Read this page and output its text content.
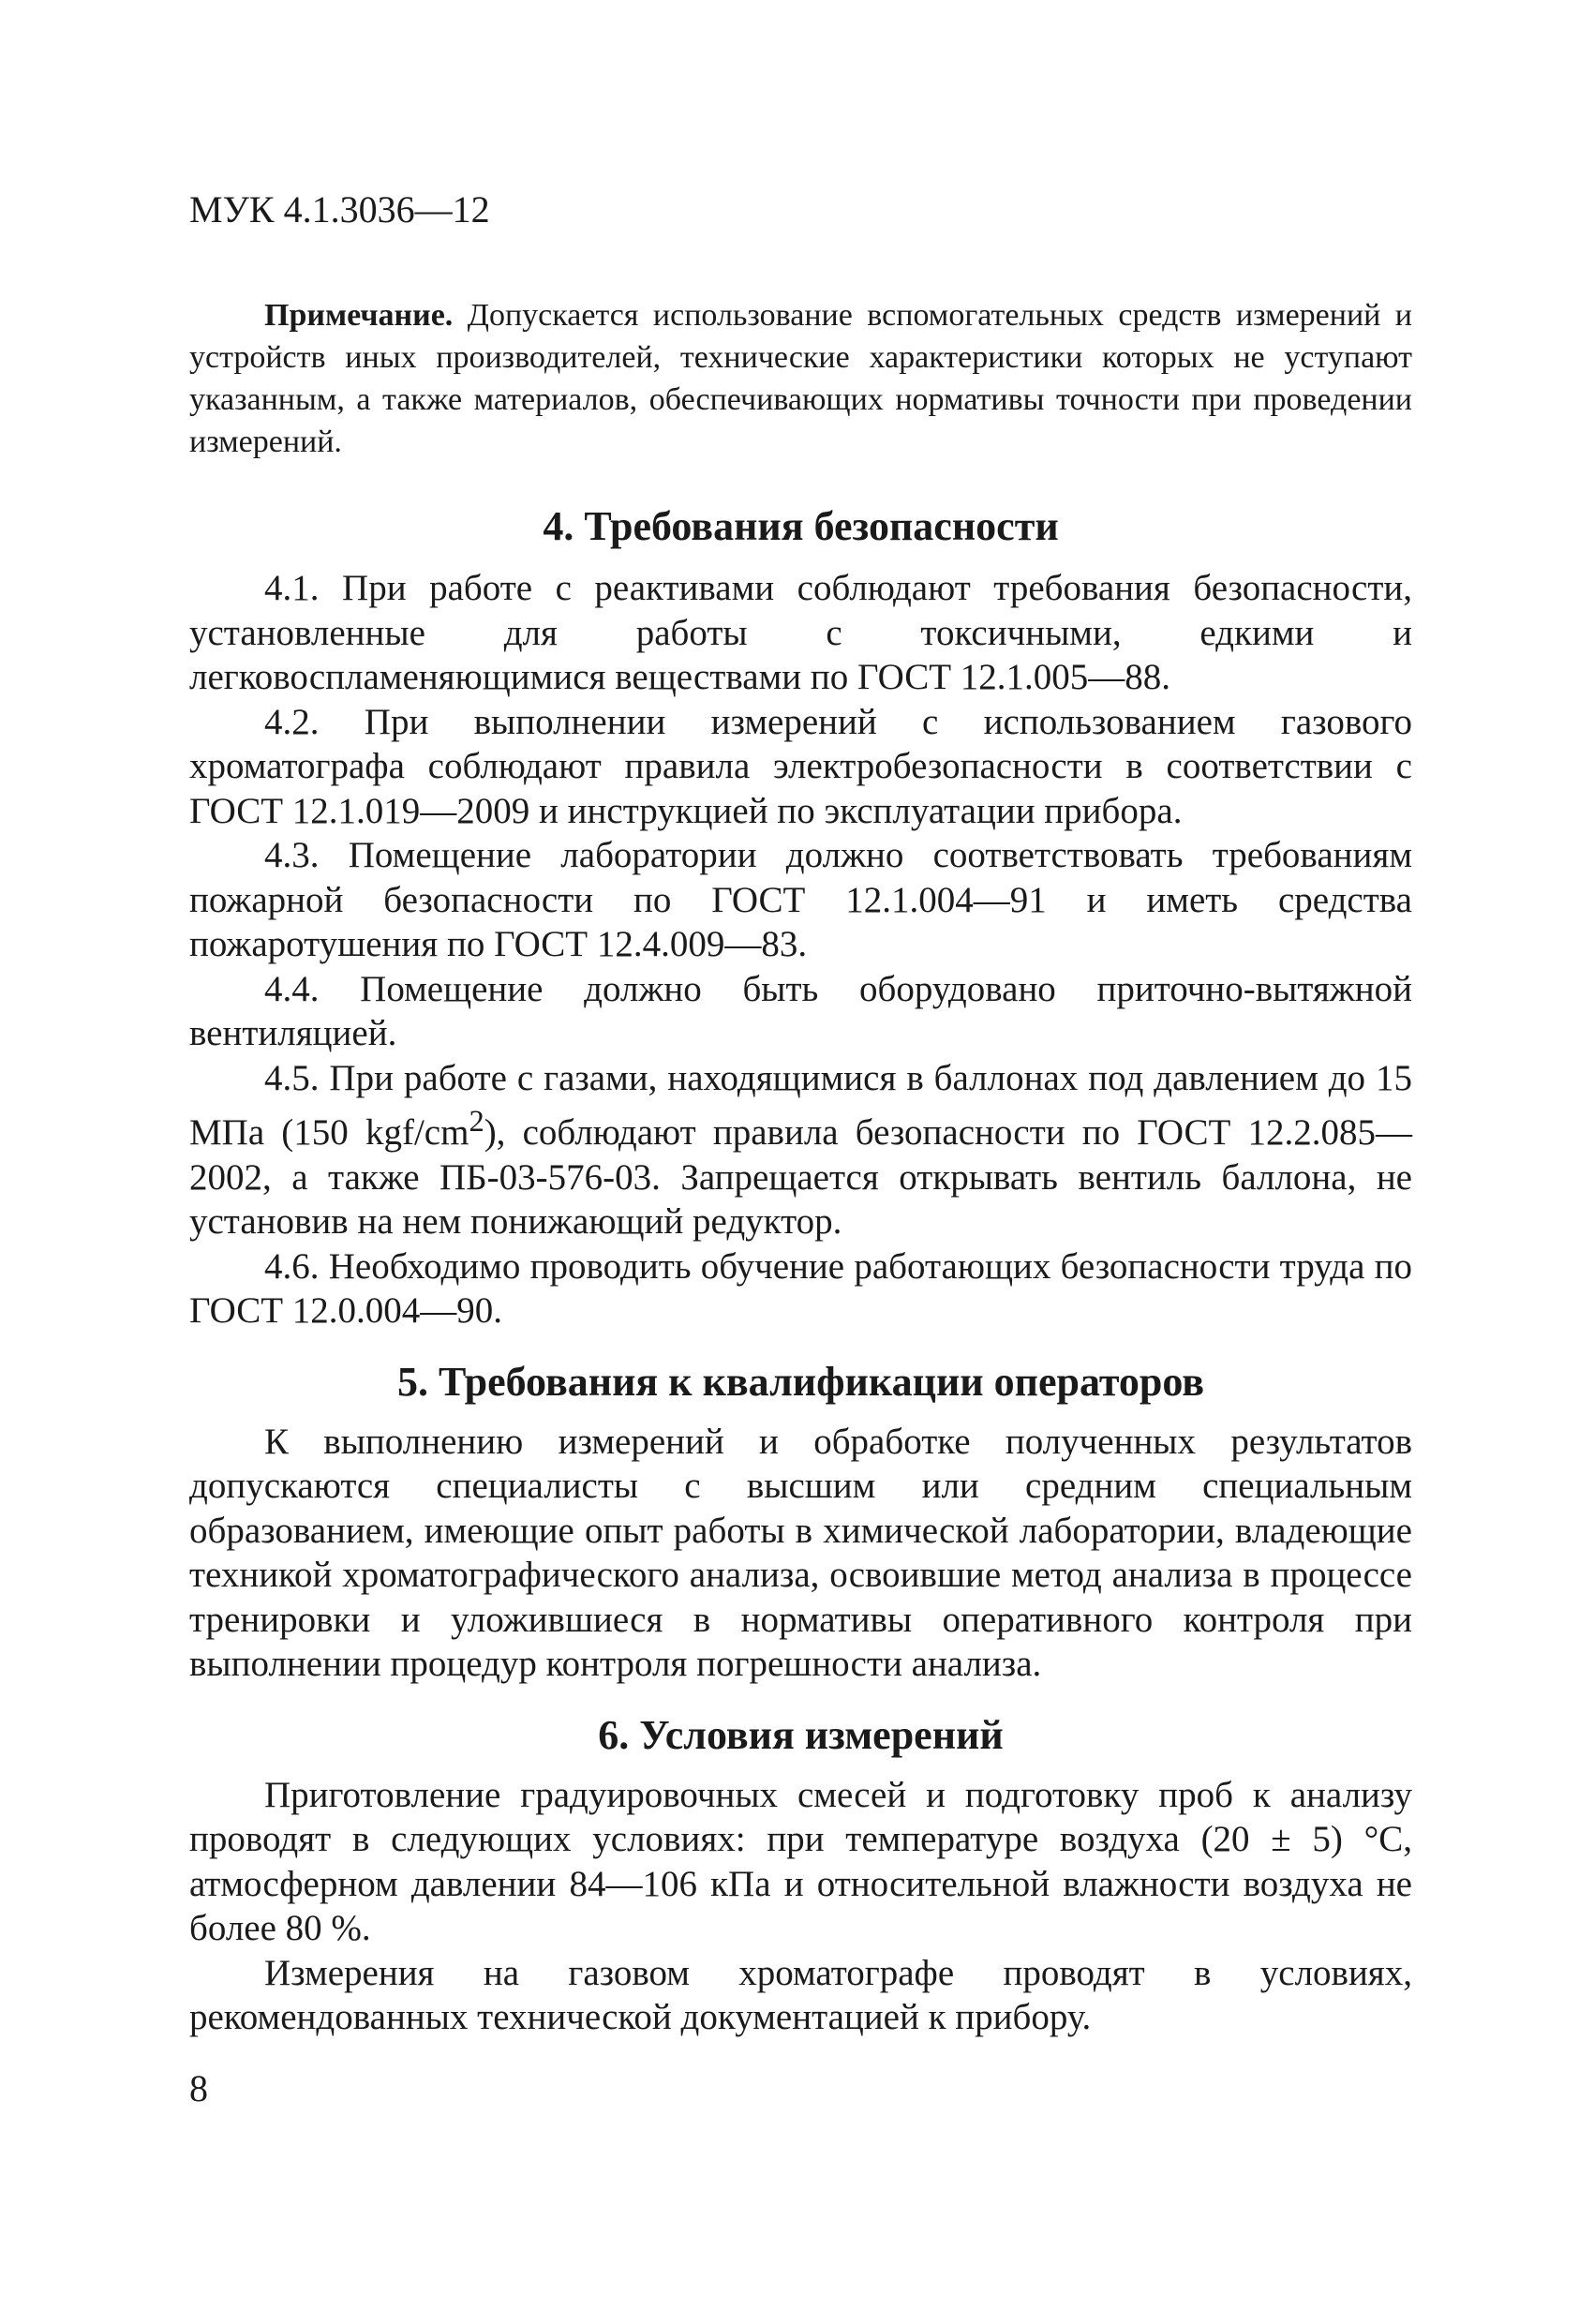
МУК 4.1.3036—12

Примечание. Допускается использование вспомогательных средств измерений и устройств иных производителей, технические характеристики которых не уступают указанным, а также материалов, обеспечивающих нормативы точности при проведении измерений.

4. Требования безопасности

4.1. При работе с реактивами соблюдают требования безопасности, установленные для работы с токсичными, едкими и легковоспламеняющимися веществами по ГОСТ 12.1.005—88.

4.2. При выполнении измерений с использованием газового хроматографа соблюдают правила электробезопасности в соответствии с ГОСТ 12.1.019—2009 и инструкцией по эксплуатации прибора.

4.3. Помещение лаборатории должно соответствовать требованиям пожарной безопасности по ГОСТ 12.1.004—91 и иметь средства пожаротушения по ГОСТ 12.4.009—83.

4.4. Помещение должно быть оборудовано приточно-вытяжной вентиляцией.

4.5. При работе с газами, находящимися в баллонах под давлением до 15 МПа (150 kgf/$cm^2$), соблюдают правила безопасности по ГОСТ 12.2.085—2002, а также ПБ-03-576-03. Запрещается открывать вентиль баллона, не установив на нем понижающий редуктор.

4.6. Необходимо проводить обучение работающих безопасности труда по ГОСТ 12.0.004—90.

5. Требования к квалификации операторов

К выполнению измерений и обработке полученных результатов допускаются специалисты с высшим или средним специальным образованием, имеющие опыт работы в химической лаборатории, владеющие техникой хроматографического анализа, освоившие метод анализа в процессе тренировки и уложившиеся в нормативы оперативного контроля при выполнении процедур контроля погрешности анализа.

6. Условия измерений

Приготовление градуировочных смесей и подготовку проб к анализу проводят в следующих условиях: при температуре воздуха (20 ± 5) °С, атмосферном давлении 84—106 кПа и относительной влажности воздуха не более 80 %.

Измерения на газовом хроматографе проводят в условиях, рекомендованных технической документацией к прибору.

8
